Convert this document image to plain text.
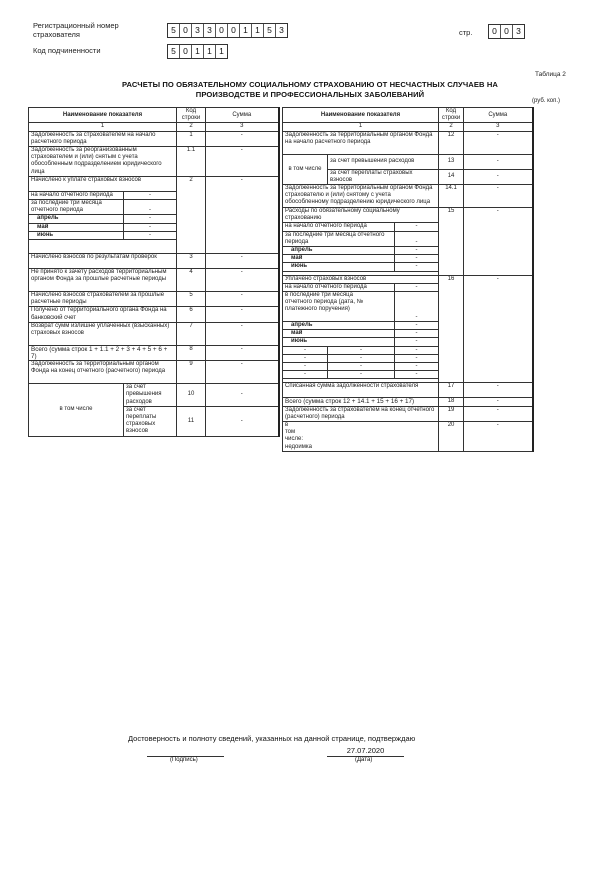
Регистрационный номер
страхователя	5 0 3 3 0 0 1 1 5 3
Код подчиненности	5 0 1 1 1
стр.	0 0 3
Таблица 2
РАСЧЕТЫ ПО ОБЯЗАТЕЛЬНОМУ СОЦИАЛЬНОМУ СТРАХОВАНИЮ ОТ НЕСЧАСТНЫХ СЛУЧАЕВ НА
ПРОИЗВОДСТВЕ И ПРОФЕССИОНАЛЬНЫХ ЗАБОЛЕВАНИЙ
(руб. коп.)
Наименование показателя		Код строки	Сумма
1		2	3
Задолженность за страхователем на начало расчетного периода		1	-
Задолженность за реорганизованным страхователем и (или) снятым с учета обособленным подразделением юридического лица		1.1	-
Начислено к уплате страховых взносов		2	-
на начало отчетного периода	-		
за последние три месяца отчетного периода	-		
апрель	-		
май	-		
июнь	-		

Начислено взносов по результатам проверок		3	-
Не принято к зачету расходов территориальным органом Фонда за прошлые расчетные периоды		4	-
Начислено взносов страхователем за прошлые расчетные периоды		5	-
Получено от территориального органа Фонда на банковский счет		6	-
Возврат сумм излишне уплаченных (взысканных) страховых взносов		7	-
Всего (сумма строк 1 + 1.1 + 2 + 3 + 4 + 5 + 6 + 7)		8	-
Задолженность за территориальным органом Фонда на конец отчетного (расчетного) периода		9	-
в том числе	за счет превышения расходов	10	-
	за счет переплаты страховых взносов	11	-
Наименование показателя			Код строки	Сумма
1			2	3
Задолженность за территориальным органом Фонда на начало расчетного периода			12	-
в том числе	за счет превышения расходов		13	-
	за счет переплаты страховых взносов		14	-
Задолженность за территориальным органом Фонда страхователю и (или) снятому с учета обособленному подразделению юридического лица			14.1	-
Расходы по обязательному социальному страхованию			15	-
на начало отчетного периода		-		
за последние три месяца отчетного периода		-		
апрель		-		
май		-		
июнь		-		

Уплачено страховых взносов			16	-
на начало отчетного периода		-		
в последние три месяца отчетного периода (дата, № платежного поручения)		-		
апрель		-		
май		-		
июнь		-		
-	-	-		
-	-	-		
-	-	-		
-	-	-		

Списанная сумма задолженности страхователя			17	-
Всего (сумма строк 12 + 14.1 + 15 + 16 + 17)			18	-
Задолженность за страхователем на конец отчетного (расчетного) периода			19	-
в том числе: недоимка			20	-
Достоверность и полноту сведений, указанных на данной странице, подтверждаю
(Подпись)
27.07.2020
(Дата)
